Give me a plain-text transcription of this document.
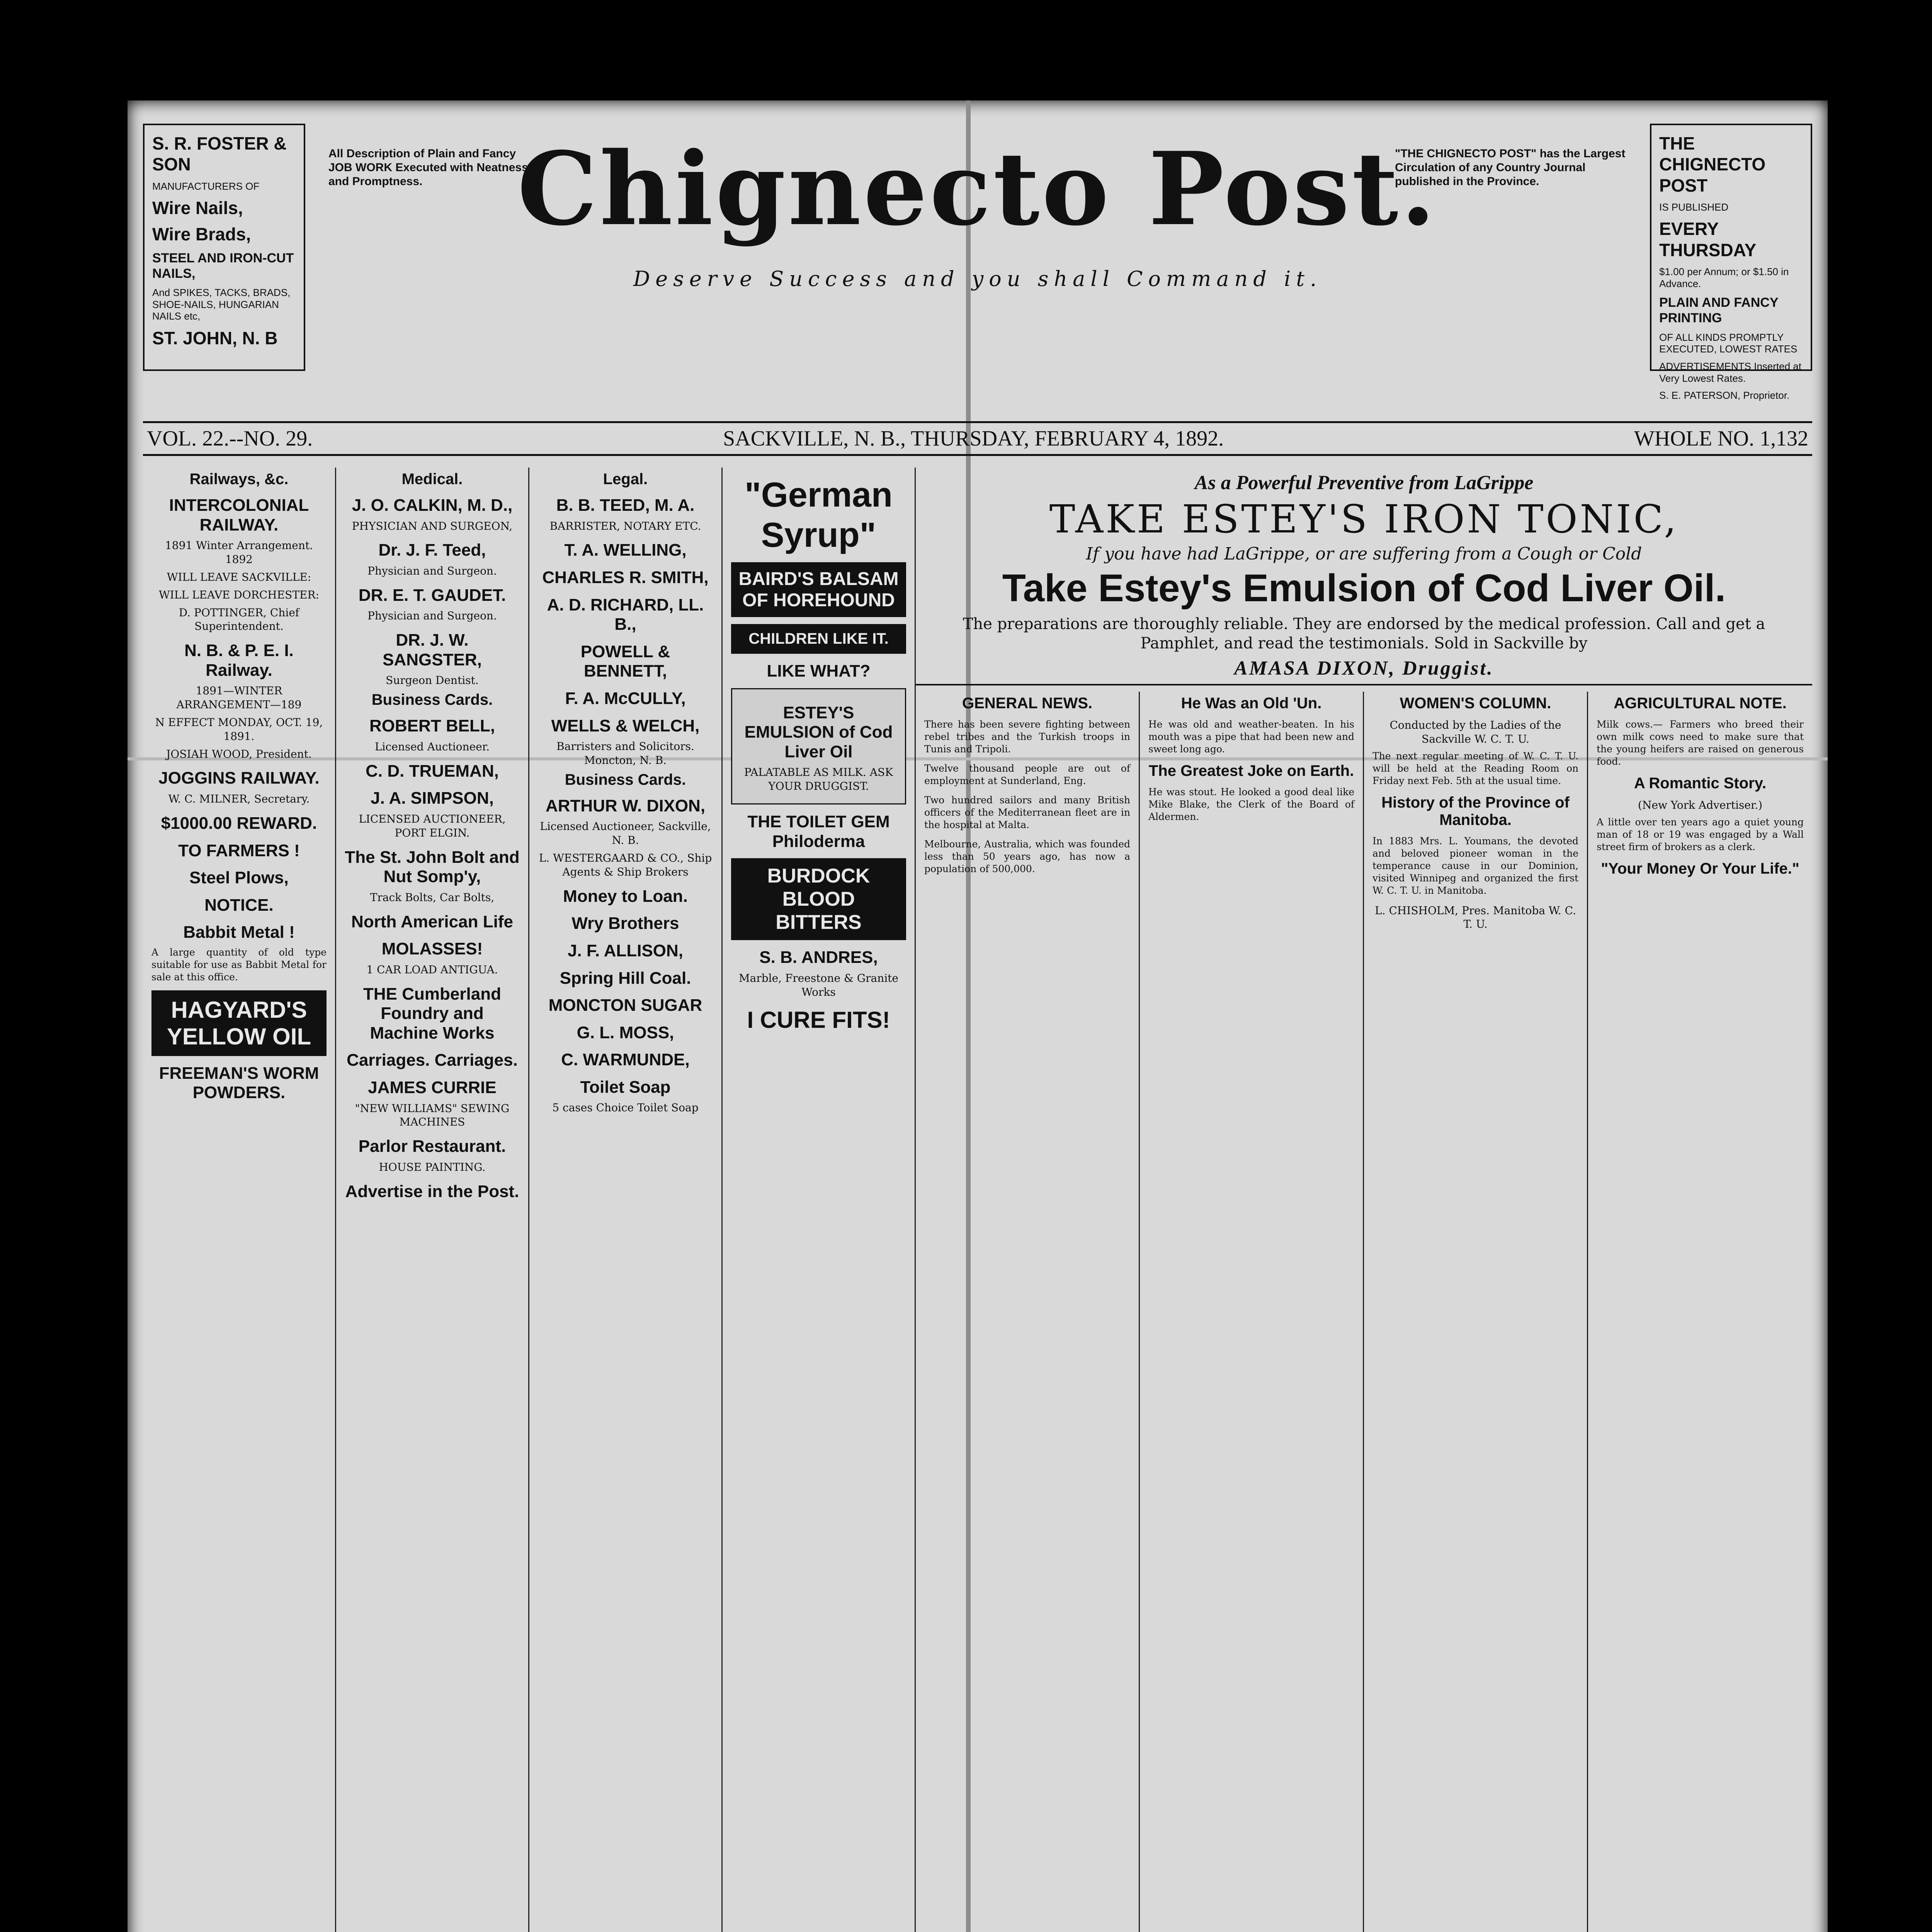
S. R. FOSTER & SON

MANUFACTURERS OF

Wire Nails,

Wire Brads,

STEEL AND IRON-CUT NAILS,

And SPIKES, TACKS, BRADS, SHOE-NAILS, HUNGARIAN NAILS etc,

ST. JOHN, N. B

All Description of Plain and Fancy JOB WORK Executed with Neatness and Promptness.
"THE CHIGNECTO POST" has the Largest Circulation of any Country Journal published in the Province.
Chignecto Post.
Deserve Success and you shall Command it.

THE CHIGNECTO POST

IS PUBLISHED

EVERY THURSDAY

$1.00 per Annum; or $1.50 in Advance.

PLAIN AND FANCY PRINTING

OF ALL KINDS PROMPTLY EXECUTED, LOWEST RATES

ADVERTISEMENTS Inserted at Very Lowest Rates.

S. E. PATERSON, Proprietor.

VOL. 22.--NO. 29.	SACKVILLE, N. B., THURSDAY, FEBRUARY 4, 1892.	WHOLE NO. 1,132
Railways, &c.
INTERCOLONIAL RAILWAY.

1891 Winter Arrangement. 1892

WILL LEAVE SACKVILLE:

WILL LEAVE DORCHESTER:

D. POTTINGER, Chief Superintendent.

N. B. & P. E. I. Railway.

1891—WINTER ARRANGEMENT—189

N EFFECT MONDAY, OCT. 19, 1891.

JOSIAH WOOD, President.

JOGGINS RAILWAY.

W. C. MILNER, Secretary.

$1000.00 REWARD.
TO FARMERS !
Steel Plows,
NOTICE.
Babbit Metal !

A large quantity of old type suitable for use as Babbit Metal for sale at this office.

HAGYARD'S YELLOW OIL
FREEMAN'S WORM POWDERS.
Medical.
J. O. CALKIN, M. D.,

PHYSICIAN AND SURGEON,

Dr. J. F. Teed,

Physician and Surgeon.

DR. E. T. GAUDET.

Physician and Surgeon.

DR. J. W. SANGSTER,

Surgeon Dentist.

Business Cards.
ROBERT BELL,

Licensed Auctioneer.

C. D. TRUEMAN,
J. A. SIMPSON,

LICENSED AUCTIONEER, PORT ELGIN.

The St. John Bolt and Nut Somp'y,

Track Bolts, Car Bolts,

North American Life
MOLASSES!

1 CAR LOAD ANTIGUA.

THE Cumberland Foundry and Machine Works
Carriages. Carriages.
JAMES CURRIE

"NEW WILLIAMS" SEWING MACHINES

Parlor Restaurant.

HOUSE PAINTING.

Advertise in the Post.
Legal.
B. B. TEED, M. A.

BARRISTER, NOTARY ETC.

T. A. WELLING,
CHARLES R. SMITH,
A. D. RICHARD, LL. B.,
POWELL & BENNETT,
F. A. McCULLY,
WELLS & WELCH,

Barristers and Solicitors. Moncton, N. B.

Business Cards.
ARTHUR W. DIXON,

Licensed Auctioneer, Sackville, N. B.

L. WESTERGAARD & CO., Ship Agents & Ship Brokers

Money to Loan.
Wry Brothers
J. F. ALLISON,
Spring Hill Coal.
MONCTON SUGAR
G. L. MOSS,
C. WARMUNDE,
Toilet Soap

5 cases Choice Toilet Soap

"German Syrup"
BAIRD'S BALSAM OF HOREHOUND
CHILDREN LIKE IT.
LIKE WHAT?
ESTEY'S EMULSION of Cod Liver Oil

PALATABLE AS MILK. ASK YOUR DRUGGIST.

THE TOILET GEM Philoderma
BURDOCK BLOOD BITTERS
S. B. ANDRES,

Marble, Freestone & Granite Works

I CURE FITS!
As a Powerful Preventive from LaGrippe
TAKE ESTEY'S IRON TONIC,
If you have had LaGrippe, or are suffering from a Cough or Cold
Take Estey's Emulsion of Cod Liver Oil.
The preparations are thoroughly reliable. They are endorsed by the medical profession. Call and get a Pamphlet, and read the testimonials. Sold in Sackville by
AMASA DIXON, Druggist.
GENERAL NEWS.

There has been severe fighting between rebel tribes and the Turkish troops in Tunis and Tripoli.

Twelve thousand people are out of employment at Sunderland, Eng.

Two hundred sailors and many British officers of the Mediterranean fleet are in the hospital at Malta.

Melbourne, Australia, which was founded less than 50 years ago, has now a population of 500,000.

He Was an Old 'Un.

He was old and weather-beaten. In his mouth was a pipe that had been new and sweet long ago.

The Greatest Joke on Earth.

He was stout. He looked a good deal like Mike Blake, the Clerk of the Board of Aldermen.

WOMEN'S COLUMN.

Conducted by the Ladies of the Sackville W. C. T. U.

The next regular meeting of W. C. T. U. will be held at the Reading Room on Friday next Feb. 5th at the usual time.

History of the Province of Manitoba.

In 1883 Mrs. L. Youmans, the devoted and beloved pioneer woman in the temperance cause in our Dominion, visited Winnipeg and organized the first W. C. T. U. in Manitoba.

L. CHISHOLM, Pres. Manitoba W. C. T. U.

AGRICULTURAL NOTE.

Milk cows.— Farmers who breed their own milk cows need to make sure that the young heifers are raised on generous food.

A Romantic Story.

(New York Advertiser.)

A little over ten years ago a quiet young man of 18 or 19 was engaged by a Wall street firm of brokers as a clerk.

"Your Money Or Your Life."
